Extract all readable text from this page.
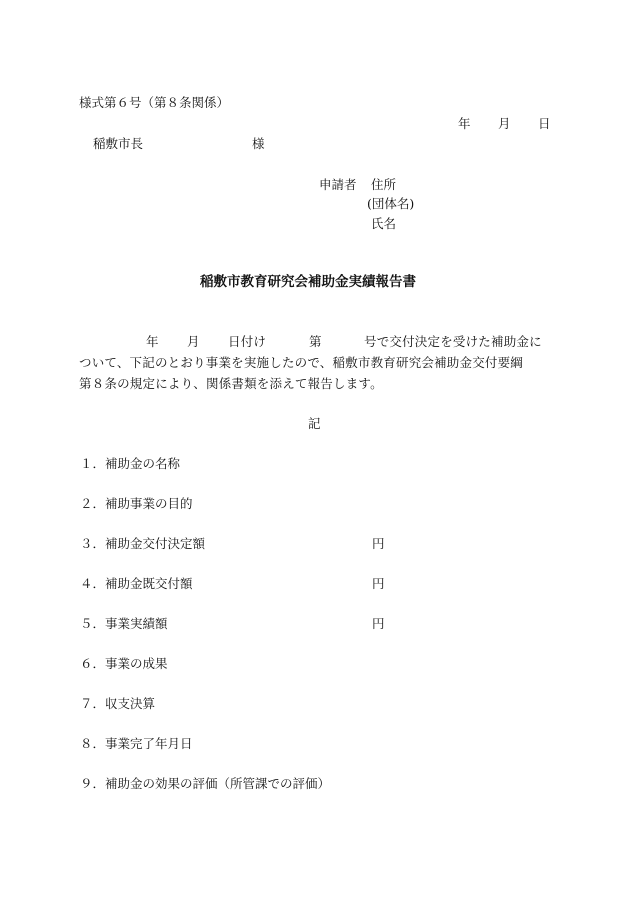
様式第６号（第８条関係）
年 月 日
稲敷市長	様
申請者 住所
(団体名)
氏名
稲敷市教育研究会補助金実績報告書
年 月 日付け	第	号で交付決定を受けた補助金に
ついて、下記のとおり事業を実施したので、稲敷市教育研究会補助金交付要綱
第８条の規定により、関係書類を添えて報告します。
記
１．補助金の名称
２．補助事業の目的
３．補助金交付決定額	円
４．補助金既交付額	円
５．事業実績額	円
６．事業の成果
７．収支決算
８．事業完了年月日
９．補助金の効果の評価（所管課での評価）
